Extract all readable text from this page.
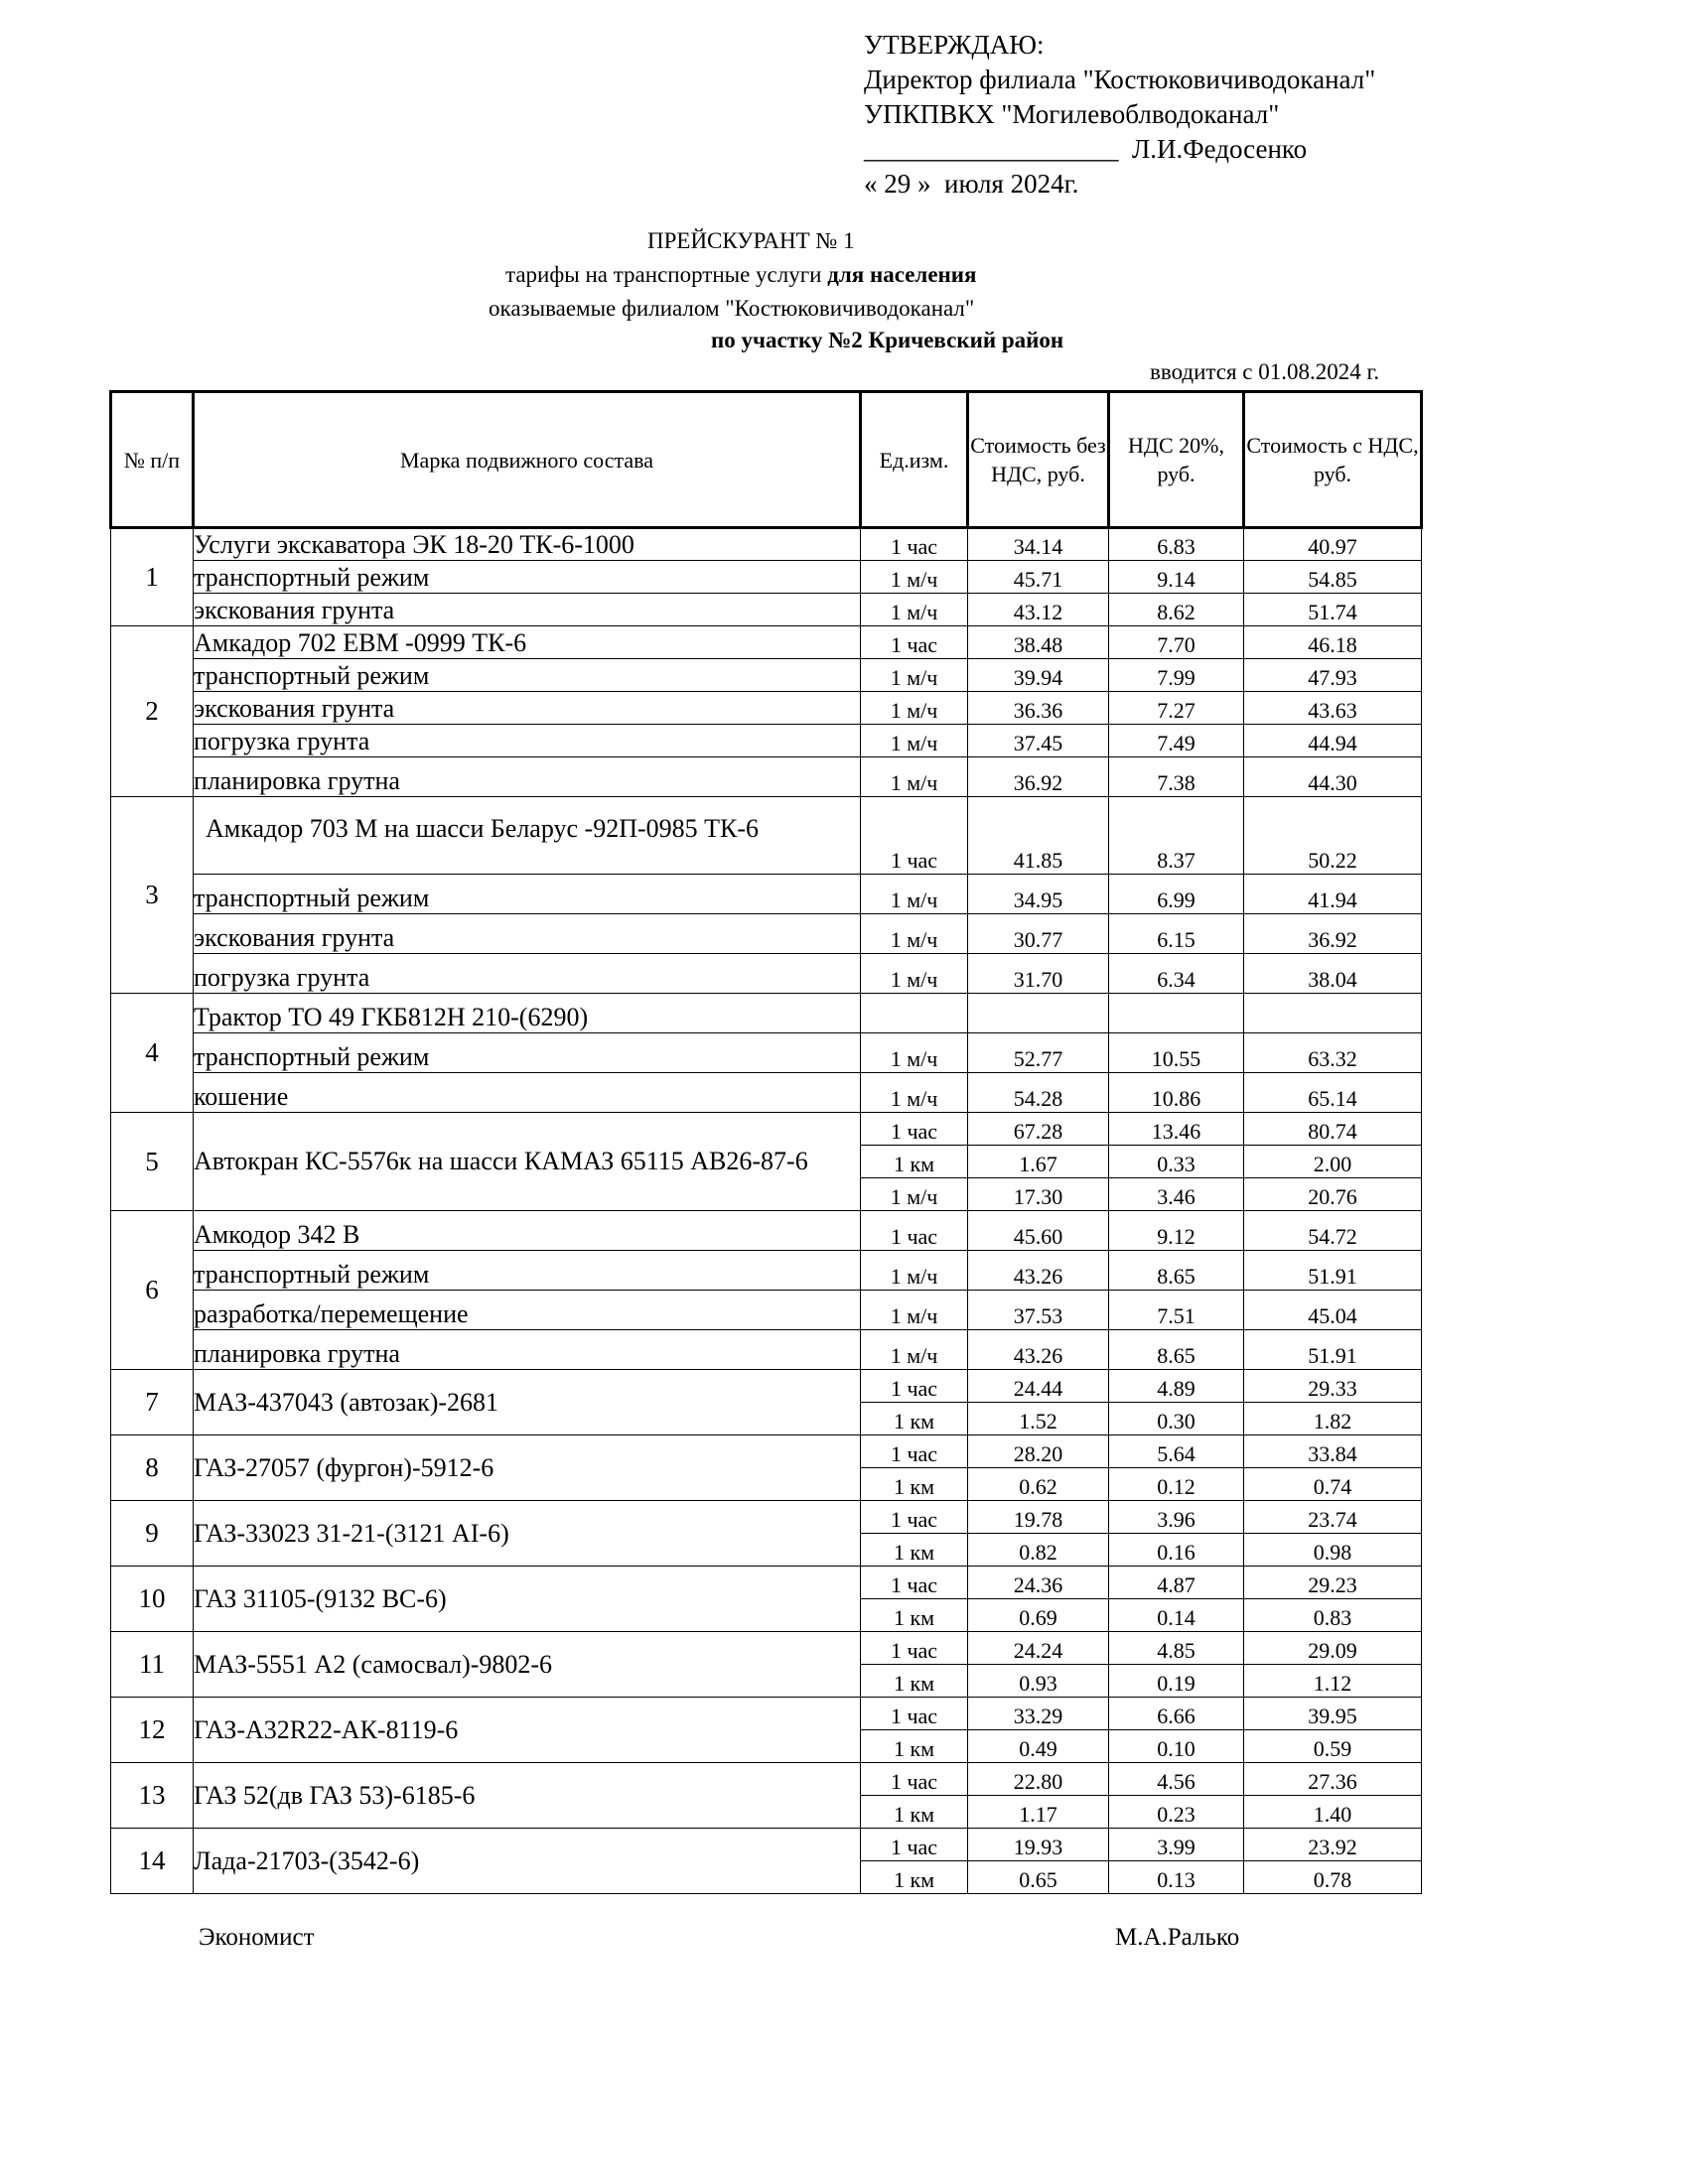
УТВЕРЖДАЮ:
Директор филиала "Костюковичиводоканал"
УПКПВКХ "Могилевоблводоканал"
___________________  Л.И.Федосенко
« 29 »  июля 2024г.
ПРЕЙСКУРАНТ № 1
тарифы на транспортные услуги для населения
оказываемые филиалом "Костюковичиводоканал"
по участку №2 Кричевский район
вводится с 01.08.2024 г.
№ п/п	Марка подвижного состава	Ед.изм.	Стоимость без НДС, руб.	НДС 20%, руб.	Стоимость с НДС, руб.
1	Услуги экскаватора ЭК 18-20 ТК-6-1000	1 час	34.14	6.83	40.97
	транспортный режим	1 м/ч	45.71	9.14	54.85
	экскования грунта	1 м/ч	43.12	8.62	51.74
2	Амкадор 702 ЕВМ -0999 ТК-6	1 час	38.48	7.70	46.18
	транспортный режим	1 м/ч	39.94	7.99	47.93
	экскования грунта	1 м/ч	36.36	7.27	43.63
	погрузка грунта	1 м/ч	37.45	7.49	44.94
	планировка грутна	1 м/ч	36.92	7.38	44.30
3	Амкадор 703 М на шасси Беларус -92П-0985 ТК-6	1 час	41.85	8.37	50.22
	транспортный режим	1 м/ч	34.95	6.99	41.94
	экскования грунта	1 м/ч	30.77	6.15	36.92
	погрузка грунта	1 м/ч	31.70	6.34	38.04
4	Трактор ТО 49 ГКБ812Н 210-(6290)				
	транспортный режим	1 м/ч	52.77	10.55	63.32
	кошение	1 м/ч	54.28	10.86	65.14
5	Автокран КС-5576к на шасси КАМАЗ 65115 АВ26-87-6	1 час	67.28	13.46	80.74
		1 км	1.67	0.33	2.00
		1 м/ч	17.30	3.46	20.76
6	Амкодор 342 В	1 час	45.60	9.12	54.72
	транспортный режим	1 м/ч	43.26	8.65	51.91
	разработка/перемещение	1 м/ч	37.53	7.51	45.04
	планировка грутна	1 м/ч	43.26	8.65	51.91
7	МАЗ-437043 (автозак)-2681	1 час	24.44	4.89	29.33
		1 км	1.52	0.30	1.82
8	ГАЗ-27057 (фургон)-5912-6	1 час	28.20	5.64	33.84
		1 км	0.62	0.12	0.74
9	ГАЗ-33023 31-21-(3121 АI-6)	1 час	19.78	3.96	23.74
		1 км	0.82	0.16	0.98
10	ГАЗ 31105-(9132 ВС-6)	1 час	24.36	4.87	29.23
		1 км	0.69	0.14	0.83
11	МАЗ-5551 А2 (самосвал)-9802-6	1 час	24.24	4.85	29.09
		1 км	0.93	0.19	1.12
12	ГАЗ-А32R22-АК-8119-6	1 час	33.29	6.66	39.95
		1 км	0.49	0.10	0.59
13	ГАЗ 52(дв ГАЗ 53)-6185-6	1 час	22.80	4.56	27.36
		1 км	1.17	0.23	1.40
14	Лада-21703-(3542-6)	1 час	19.93	3.99	23.92
		1 км	0.65	0.13	0.78
Экономист	М.А.Ралько
